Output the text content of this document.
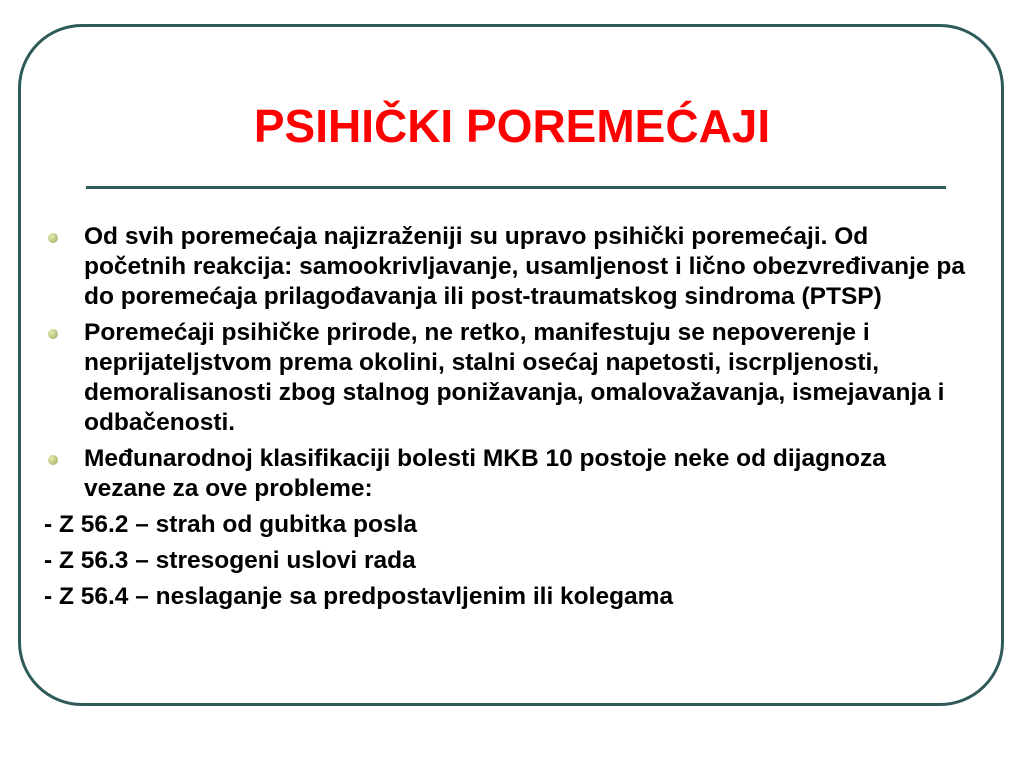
PSIHIČKI POREMEĆAJI
Od svih poremećaja najizraženiji su upravo psihički poremećaji. Od početnih reakcija: samookrivljavanje, usamljenost i lično obezvređivanje pa do poremećaja prilagođavanja ili post-traumatskog sindroma (PTSP)
Poremećaji psihičke prirode, ne retko, manifestuju se nepoverenje i neprijateljstvom prema okolini, stalni osećaj napetosti, iscrpljenosti, demoralisanosti zbog stalnog ponižavanja, omalovažavanja, ismejavanja i odbačenosti.
Međunarodnoj klasifikaciji bolesti MKB 10 postoje neke od dijagnoza vezane za ove probleme:
- Z 56.2 – strah od gubitka posla
- Z 56.3 – stresogeni uslovi rada
- Z 56.4 – neslaganje sa predpostavljenim ili kolegama
